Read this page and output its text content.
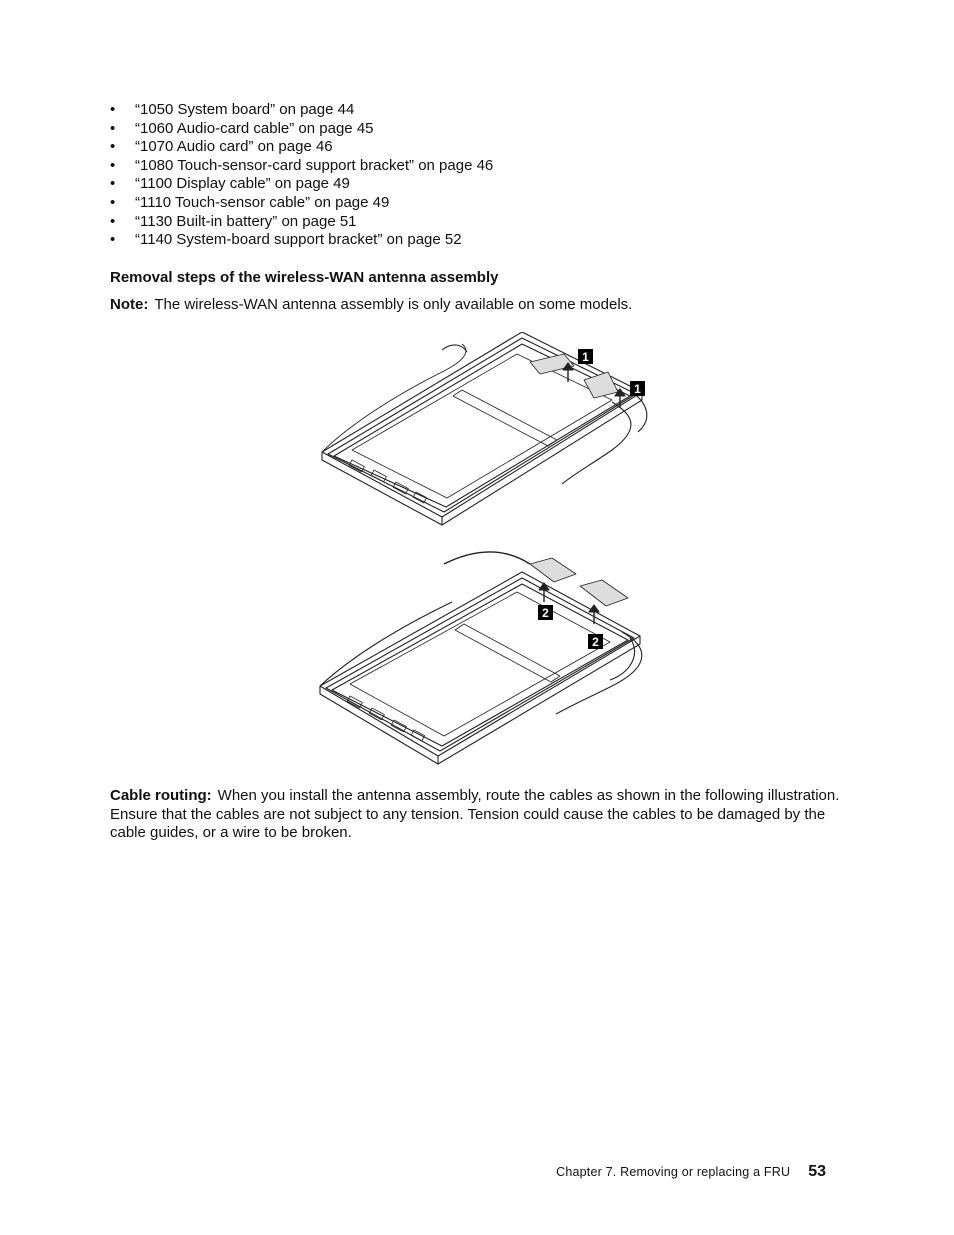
• “1050 System board” on page 44
• “1060 Audio-card cable” on page 45
• “1070 Audio card” on page 46
• “1080 Touch-sensor-card support bracket” on page 46
• “1100 Display cable” on page 49
• “1110 Touch-sensor cable” on page 49
• “1130 Built-in battery” on page 51
• “1140 System-board support bracket” on page 52
Removal steps of the wireless-WAN antenna assembly
Note: The wireless-WAN antenna assembly is only available on some models.
1
1
2
2
Cable routing: When you install the antenna assembly, route the cables as shown in the following illustration. Ensure that the cables are not subject to any tension. Tension could cause the cables to be damaged by the cable guides, or a wire to be broken.
Chapter 7. Removing or replacing a FRU 53
